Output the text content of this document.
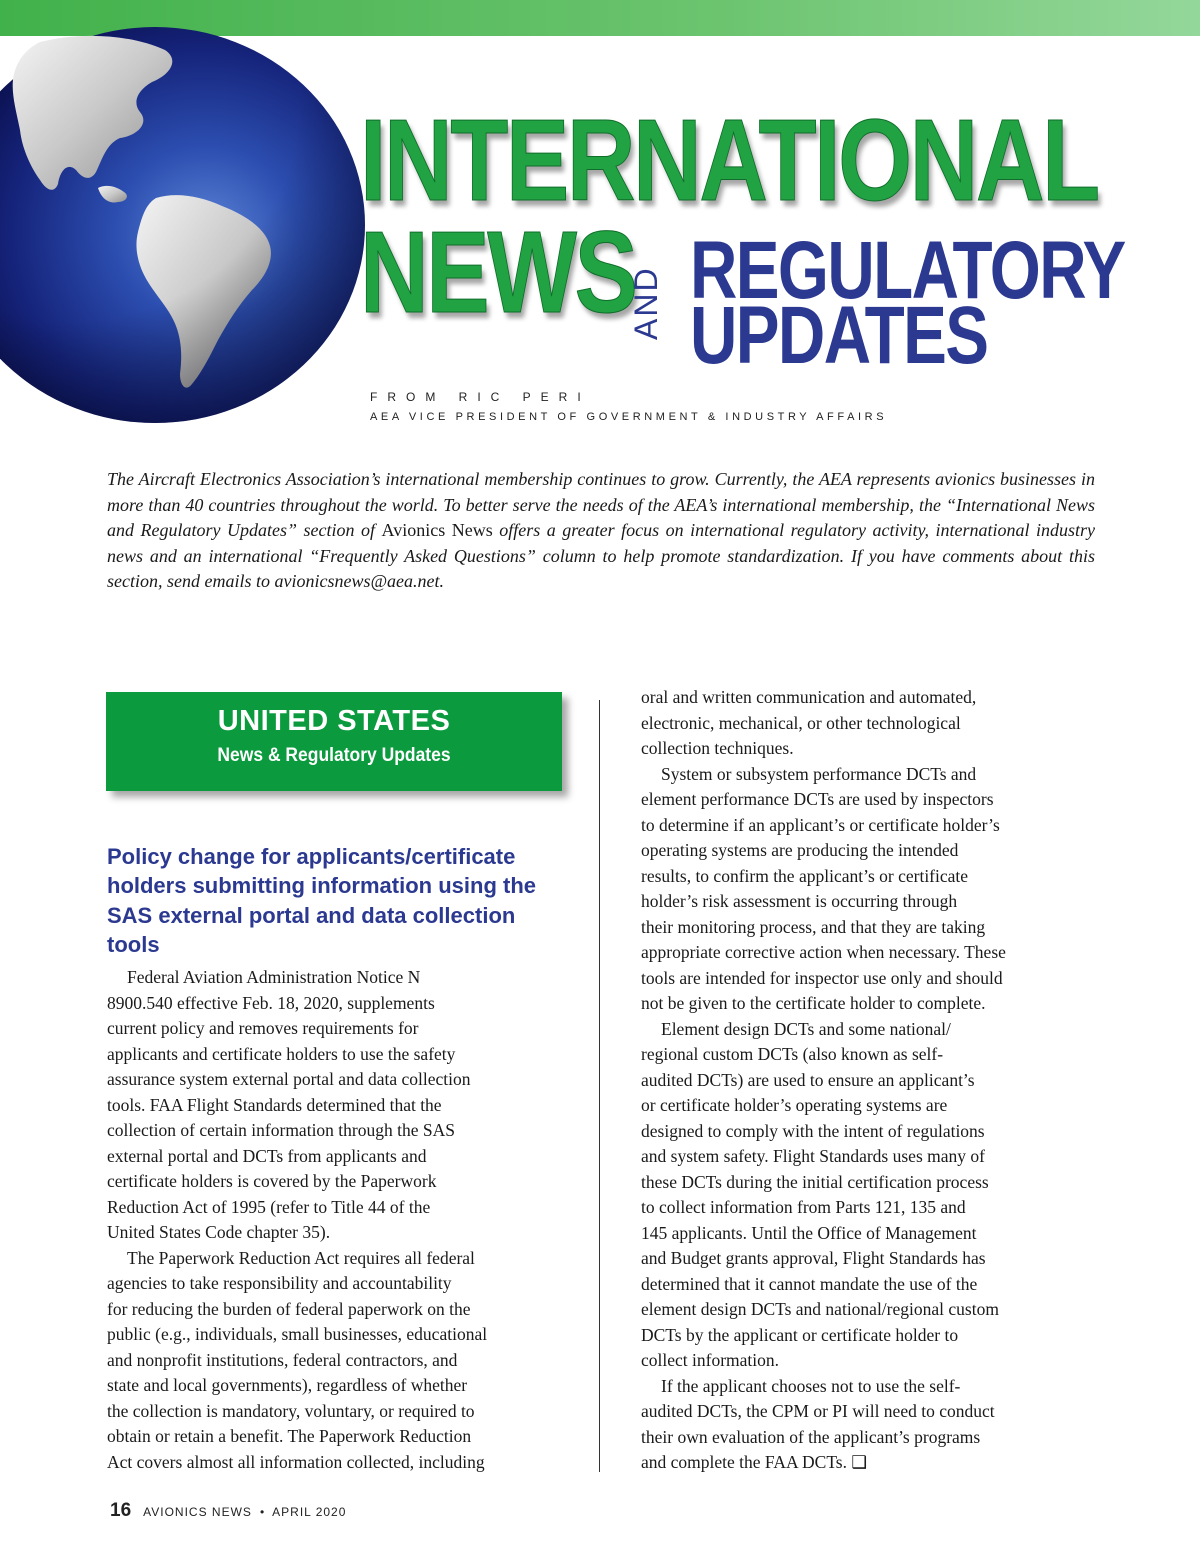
INTERNATIONAL
NEWS
AND REGULATORY
UPDATES
FROM RIC PERI
AEA VICE PRESIDENT OF GOVERNMENT & INDUSTRY AFFAIRS
The Aircraft Electronics Association’s international membership continues to grow. Currently, the AEA represents avionics businesses in more than 40 countries throughout the world. To better serve the needs of the AEA’s international membership, the “International News and Regulatory Updates” section of Avionics News offers a greater focus on international regulatory activity, international industry news and an international “Frequently Asked Questions” column to help promote standardization. If you have comments about this section, send emails to avionicsnews@aea.net.
UNITED STATES
News & Regulatory Updates
Policy change for applicants/certificate holders submitting information using the SAS external portal and data collection tools
Federal Aviation Administration Notice N
8900.540 effective Feb. 18, 2020, supplements
current policy and removes requirements for
applicants and certificate holders to use the safety
assurance system external portal and data collection
tools. FAA Flight Standards determined that the
collection of certain information through the SAS
external portal and DCTs from applicants and
certificate holders is covered by the Paperwork
Reduction Act of 1995 (refer to Title 44 of the
United States Code chapter 35).
The Paperwork Reduction Act requires all federal
agencies to take responsibility and accountability
for reducing the burden of federal paperwork on the
public (e.g., individuals, small businesses, educational
and nonprofit institutions, federal contractors, and
state and local governments), regardless of whether
the collection is mandatory, voluntary, or required to
obtain or retain a benefit. The Paperwork Reduction
Act covers almost all information collected, including
oral and written communication and automated,
electronic, mechanical, or other technological
collection techniques.
System or subsystem performance DCTs and
element performance DCTs are used by inspectors
to determine if an applicant’s or certificate holder’s
operating systems are producing the intended
results, to confirm the applicant’s or certificate
holder’s risk assessment is occurring through
their monitoring process, and that they are taking
appropriate corrective action when necessary. These
tools are intended for inspector use only and should
not be given to the certificate holder to complete.
Element design DCTs and some national/
regional custom DCTs (also known as self-
audited DCTs) are used to ensure an applicant’s
or certificate holder’s operating systems are
designed to comply with the intent of regulations
and system safety. Flight Standards uses many of
these DCTs during the initial certification process
to collect information from Parts 121, 135 and
145 applicants. Until the Office of Management
and Budget grants approval, Flight Standards has
determined that it cannot mandate the use of the
element design DCTs and national/regional custom
DCTs by the applicant or certificate holder to
collect information.
If the applicant chooses not to use the self-
audited DCTs, the CPM or PI will need to conduct
their own evaluation of the applicant’s programs
and complete the FAA DCTs. ❑
16 AVIONICS NEWS • APRIL 2020
